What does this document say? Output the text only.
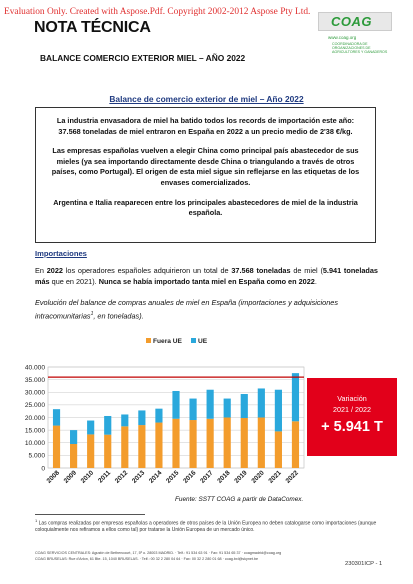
Evaluation Only. Created with Aspose.Pdf. Copyright 2002-2012 Aspose Pty Ltd.
NOTA TÉCNICA	COAG
www.coag.org
COORDINADORA DE ORGANIZACIONES DE AGRICULTORES Y GANADEROS
BALANCE COMERCIO EXTERIOR MIEL – AÑO 2022
Balance de comercio exterior de miel – Año 2022

La industria envasadora de miel ha batido todos los records de importación este año: 37.568 toneladas de miel entraron en España en 2022 a un precio medio de 2'38 €/kg.

Las empresas españolas vuelven a elegir China como principal país abastecedor de sus mieles (ya sea importando directamente desde China o triangulando a través de otros países, como Portugal). El origen de esta miel sigue sin reflejarse en las etiquetas de los envases comercializados.

Argentina e Italia reaparecen entre los principales abastecedores de miel de la industria española.

Importaciones
En 2022 los operadores españoles adquirieron un total de 37.568 toneladas de miel (5.941 toneladas más que en 2021). Nunca se había importado tanta miel en España como en 2022.
Evolución del balance de compras anuales de miel en España (importaciones y adquisiciones intracomunitarias$^1$, en toneladas).
0
5.000
10.000
15.000
20.000
25.000
30.000
35.000
40.000
2008 2009 2010 2011 2012 2013 2014 2015 2016 2017 2018 2019 2020 2021 2022
Fuera UE UE
Variación
2021 / 2022
+ 5.941 T
Fuente: SSTT COAG a partir de DataComex.
$^1$ Las compras realizadas por empresas españolas a operadores de otros países de la Unión Europea no deben catalogarse como importaciones (aunque coloquialmente nos refiramos a ellos como tal) por tratarse la Unión Europea de un mercado único.
COAG SERVICIOS CENTRALES: Agustín de Bethencourt, 17, 5º o. 28003 MADRID. · Telf.: 91 534 63 91 · Fax: 91 534 65 37 · coagmadrid@coag.org
COAG BRUSELAS: Rue d'Arlon, 61 Bte. 15, 1040 BRUSELAS. · Telf.: 00 32 2 280 04 64 · Fax: 00 32 2 280 01 68 · coag.bxl@skynet.be
230301ICP - 1
